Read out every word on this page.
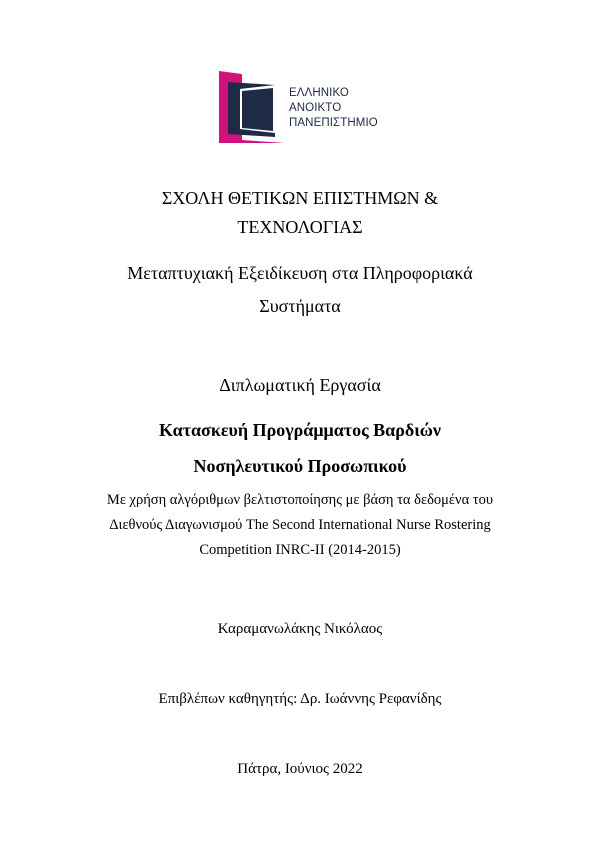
ΕΛΛΗΝΙΚΟ
ΑΝΟΙΚΤΟ
ΠΑΝΕΠΙΣΤΗΜΙΟ
ΣΧΟΛΗ ΘΕΤΙΚΩΝ ΕΠΙΣΤΗΜΩΝ &
ΤΕΧΝΟΛΟΓΙΑΣ
Μεταπτυχιακή Εξειδίκευση στα Πληροφοριακά
Συστήματα
Διπλωματική Εργασία
Κατασκευή Προγράμματος Βαρδιών
Νοσηλευτικού Προσωπικού
Με χρήση αλγόριθμων βελτιστοποίησης με βάση τα δεδομένα του
Διεθνούς Διαγωνισμού The Second International Nurse Rostering
Competition INRC-II (2014-2015)
Καραμανωλάκης Νικόλαος
Επιβλέπων καθηγητής: Δρ. Ιωάννης Ρεφανίδης
Πάτρα, Ιούνιος 2022
